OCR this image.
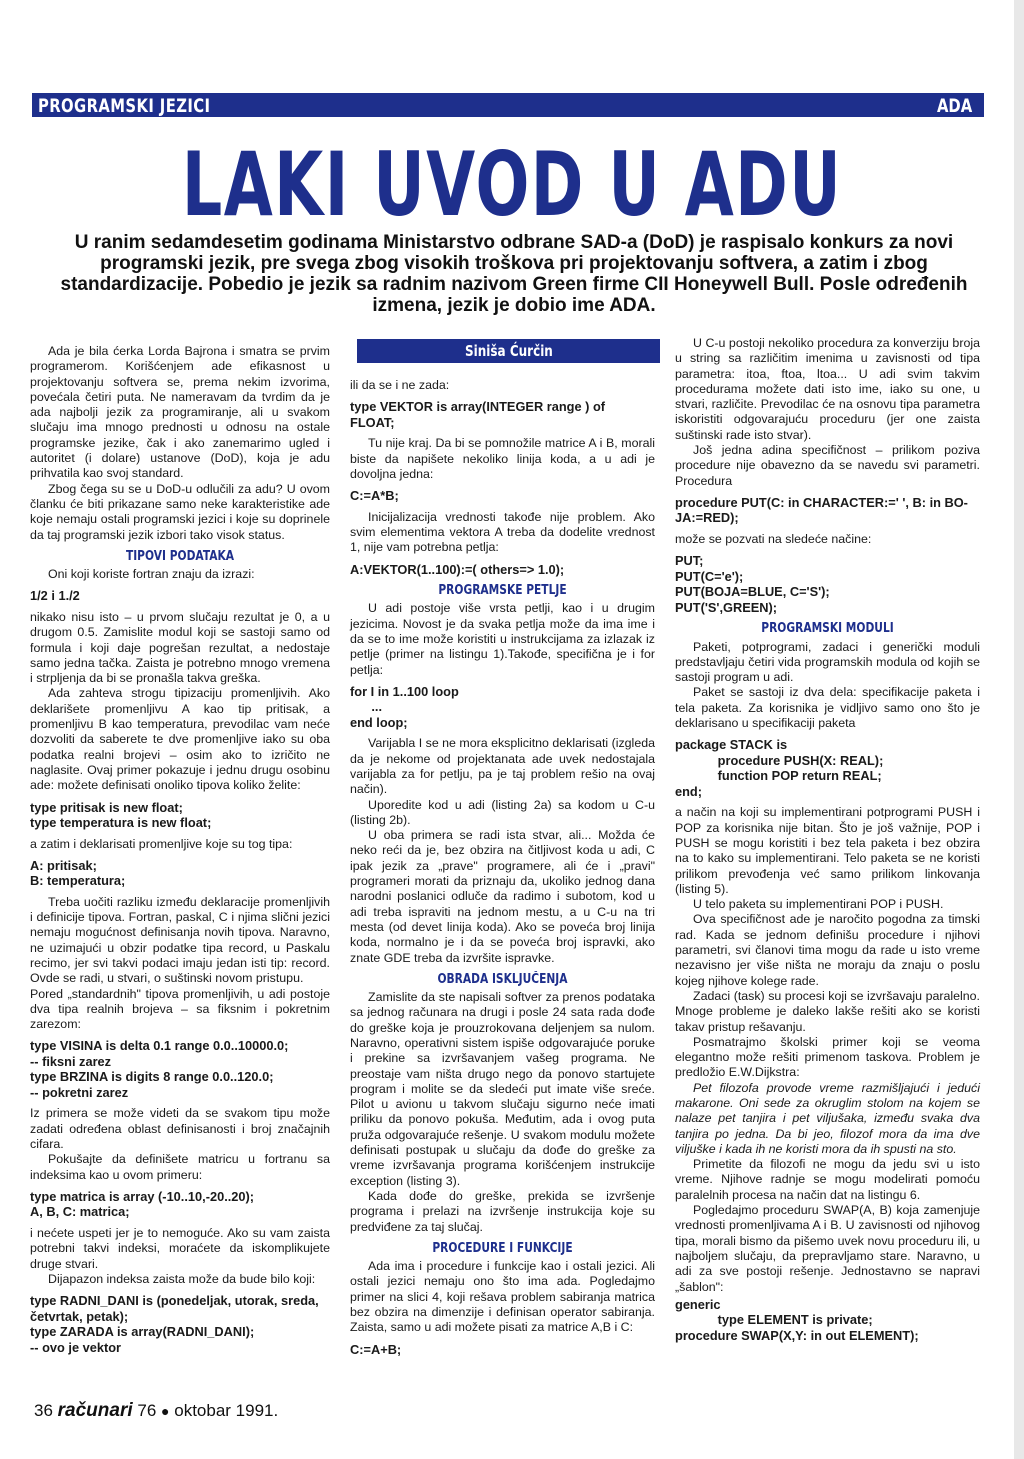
PROGRAMSKI JEZICI	ADA
LAKI UVOD U ADU
U ranim sedamdesetim godinama Ministarstvo odbrane SAD-a (DoD) je raspisalo konkurs za novi programski jezik, pre svega zbog visokih troškova pri projektovanju softvera, a zatim i zbog standardizacije. Pobedio je jezik sa radnim nazivom Green firme CII Honeywell Bull. Posle određenih izmena, jezik je dobio ime ADA.
Siniša Ćurčin

Ada je bila ćerka Lorda Bajrona i smatra se prvim programerom. Korišćenjem ade efikasnost u projektovanju softvera se, prema nekim izvorima, povećala četiri puta. Ne nameravam da tvrdim da je ada najbolji jezik za programiranje, ali u svakom slučaju ima mnogo prednosti u odnosu na ostale programske jezike, čak i ako zanemarimo ugled i autoritet (i dolare) ustanove (DoD), koja je adu prihvatila kao svoj standard.

Zbog čega su se u DoD-u odlučili za adu? U ovom članku će biti prikazane samo neke karakteristike ade koje nemaju ostali programski jezici i koje su doprinele da taj programski jezik izbori tako visok status.

TIPOVI PODATAKA

Oni koji koriste fortran znaju da izrazi:

1/2 i 1./2

nikako nisu isto – u prvom slučaju rezultat je 0, a u drugom 0.5. Zamislite modul koji se sastoji samo od formula i koji daje pogrešan rezultat, a nedostaje samo jedna tačka. Zaista je potrebno mnogo vremena i strpljenja da bi se pronašla takva greška.

Ada zahteva strogu tipizaciju promenljivih. Ako deklarišete promenljivu A kao tip pritisak, a promenljivu B kao temperatura, prevodilac vam neće dozvoliti da saberete te dve promenljive iako su oba podatka realni brojevi – osim ako to izričito ne naglasite. Ovaj primer pokazuje i jednu drugu osobinu ade: možete definisati onoliko tipova koliko želite:

type pritisak is new float;
type temperatura is new float;

a zatim i deklarisati promenljive koje su tog tipa:

A: pritisak;
B: temperatura;

Treba uočiti razliku između deklaracije promenljivih i definicije tipova. Fortran, paskal, C i njima slični jezici nemaju mogućnost definisanja novih tipova. Naravno, ne uzimajući u obzir podatke tipa record, u Paskalu recimo, jer svi takvi podaci imaju jedan isti tip: record. Ovde se radi, u stvari, o suštinski novom pristupu.

Pored „standardnih" tipova promenljivih, u adi postoje dva tipa realnih brojeva – sa fiksnim i pokretnim zarezom:

type VISINA is delta 0.1 range 0.0..10000.0;
-- fiksni zarez
type BRZINA is digits 8 range 0.0..120.0;
-- pokretni zarez

Iz primera se može videti da se svakom tipu može zadati određena oblast definisanosti i broj značajnih cifara.

Pokušajte da definišete matricu u fortranu sa indeksima kao u ovom primeru:

type matrica is array (-10..10,-20..20);
A, B, C: matrica;

i nećete uspeti jer je to nemoguće. Ako su vam zaista potrebni takvi indeksi, moraćete da iskomplikujete druge stvari.

Dijapazon indeksa zaista može da bude bilo koji:

type RADNI_DANI is (ponedeljak, utorak, sreda,
četvrtak, petak);
type ZARADA is array(RADNI_DANI);
-- ovo je vektor

ili da se i ne zada:

type VEKTOR is array(INTEGER range ) of
FLOAT;

Tu nije kraj. Da bi se pomnožile matrice A i B, morali biste da napišete nekoliko linija koda, a u adi je dovoljna jedna:

C:=A*B;

Inicijalizacija vrednosti takođe nije problem. Ako svim elementima vektora A treba da dodelite vrednost 1, nije vam potrebna petlja:

A:VEKTOR(1..100):=( others=> 1.0);
PROGRAMSKE PETLJE

U adi postoje više vrsta petlji, kao i u drugim jezicima. Novost je da svaka petlja može da ima ime i da se to ime može koristiti u instrukcijama za izlazak iz petlje (primer na listingu 1).Takođe, specifična je i for petlja:

for I in 1..100 loop
...
end loop;

Varijabla I se ne mora eksplicitno deklarisati (izgleda da je nekome od projektanata ade uvek nedostajala varijabla za for petlju, pa je taj problem rešio na ovaj način).

Uporedite kod u adi (listing 2a) sa kodom u C-u (listing 2b).

U oba primera se radi ista stvar, ali... Možda će neko reći da je, bez obzira na čitljivost koda u adi, C ipak jezik za „prave" programere, ali će i „pravi" programeri morati da priznaju da, ukoliko jednog dana narodni poslanici odluče da radimo i subotom, kod u adi treba ispraviti na jednom mestu, a u C-u na tri mesta (od devet linija koda). Ako se poveća broj linija koda, normalno je i da se poveća broj ispravki, ako znate GDE treba da izvršite ispravke.

OBRADA ISKLJUČENJA

Zamislite da ste napisali softver za prenos podataka sa jednog računara na drugi i posle 24 sata rada dođe do greške koja je prouzrokovana deljenjem sa nulom. Naravno, operativni sistem ispiše odgovarajuće poruke i prekine sa izvršavanjem vašeg programa. Ne preostaje vam ništa drugo nego da ponovo startujete program i molite se da sledeći put imate više sreće. Pilot u avionu u takvom slučaju sigurno neće imati priliku da ponovo pokuša. Međutim, ada i ovog puta pruža odgovarajuće rešenje. U svakom modulu možete definisati postupak u slučaju da dođe do greške za vreme izvršavanja programa korišćenjem instrukcije exception (listing 3).

Kada dođe do greške, prekida se izvršenje programa i prelazi na izvršenje instrukcija koje su predviđene za taj slučaj.

PROCEDURE I FUNKCIJE

Ada ima i procedure i funkcije kao i ostali jezici. Ali ostali jezici nemaju ono što ima ada. Pogledajmo primer na slici 4, koji rešava problem sabiranja matrica bez obzira na dimenzije i definisan operator sabiranja. Zaista, samo u adi možete pisati za matrice A,B i C:

C:=A+B;

U C-u postoji nekoliko procedura za konverziju broja u string sa različitim imenima u zavisnosti od tipa parametra: itoa, ftoa, ltoa... U adi svim takvim procedurama možete dati isto ime, iako su one, u stvari, različite. Prevodilac će na osnovu tipa parametra iskoristiti odgovarajuću proceduru (jer one zaista suštinski rade isto stvar).

Još jedna adina specifičnost – prilikom poziva procedure nije obavezno da se navedu svi parametri. Procedura

procedure PUT(C: in CHARACTER:=' ', B: in BO-
JA:=RED);

može se pozvati na sledeće načine:

PUT;
PUT(C='e');
PUT(BOJA=BLUE, C='S');
PUT('S',GREEN);
PROGRAMSKI MODULI

Paketi, potprogrami, zadaci i generički moduli predstavljaju četiri vida programskih modula od kojih se sastoji program u adi.

Paket se sastoji iz dva dela: specifikacije paketa i tela paketa. Za korisnika je vidljivo samo ono što je deklarisano u specifikaciji paketa

package STACK is
procedure PUSH(X: REAL);
function POP return REAL;
end;

a način na koji su implementirani potprogrami PUSH i POP za korisnika nije bitan. Što je još važnije, POP i PUSH se mogu koristiti i bez tela paketa i bez obzira na to kako su implementirani. Telo paketa se ne koristi prilikom prevođenja već samo prilikom linkovanja (listing 5).

U telo paketa su implementirani POP i PUSH.

Ova specifičnost ade je naročito pogodna za timski rad. Kada se jednom definišu procedure i njihovi parametri, svi članovi tima mogu da rade u isto vreme nezavisno jer više ništa ne moraju da znaju o poslu kojeg njihove kolege rade.

Zadaci (task) su procesi koji se izvršavaju paralelno. Mnoge probleme je daleko lakše rešiti ako se koristi takav pristup rešavanju.

Posmatrajmo školski primer koji se veoma elegantno može rešiti primenom taskova. Problem je predložio E.W.Dijkstra:

Pet filozofa provode vreme razmišljajući i jedući makarone. Oni sede za okruglim stolom na kojem se nalaze pet tanjira i pet viljušaka, između svaka dva tanjira po jedna. Da bi jeo, filozof mora da ima dve viljuške i kada ih ne koristi mora da ih spusti na sto.

Primetite da filozofi ne mogu da jedu svi u isto vreme. Njihove radnje se mogu modelirati pomoću paralelnih procesa na način dat na listingu 6.

Pogledajmo proceduru SWAP(A, B) koja zamenjuje vrednosti promenljivama A i B. U zavisnosti od njihovog tipa, morali bismo da pišemo uvek novu proceduru ili, u najboljem slučaju, da prepravljamo stare. Naravno, u adi za sve postoji rešenje. Jednostavno se napravi „šablon":

generic
type ELEMENT is private;
procedure SWAP(X,Y: in out ELEMENT);
36 računari 76 ● oktobar 1991.
